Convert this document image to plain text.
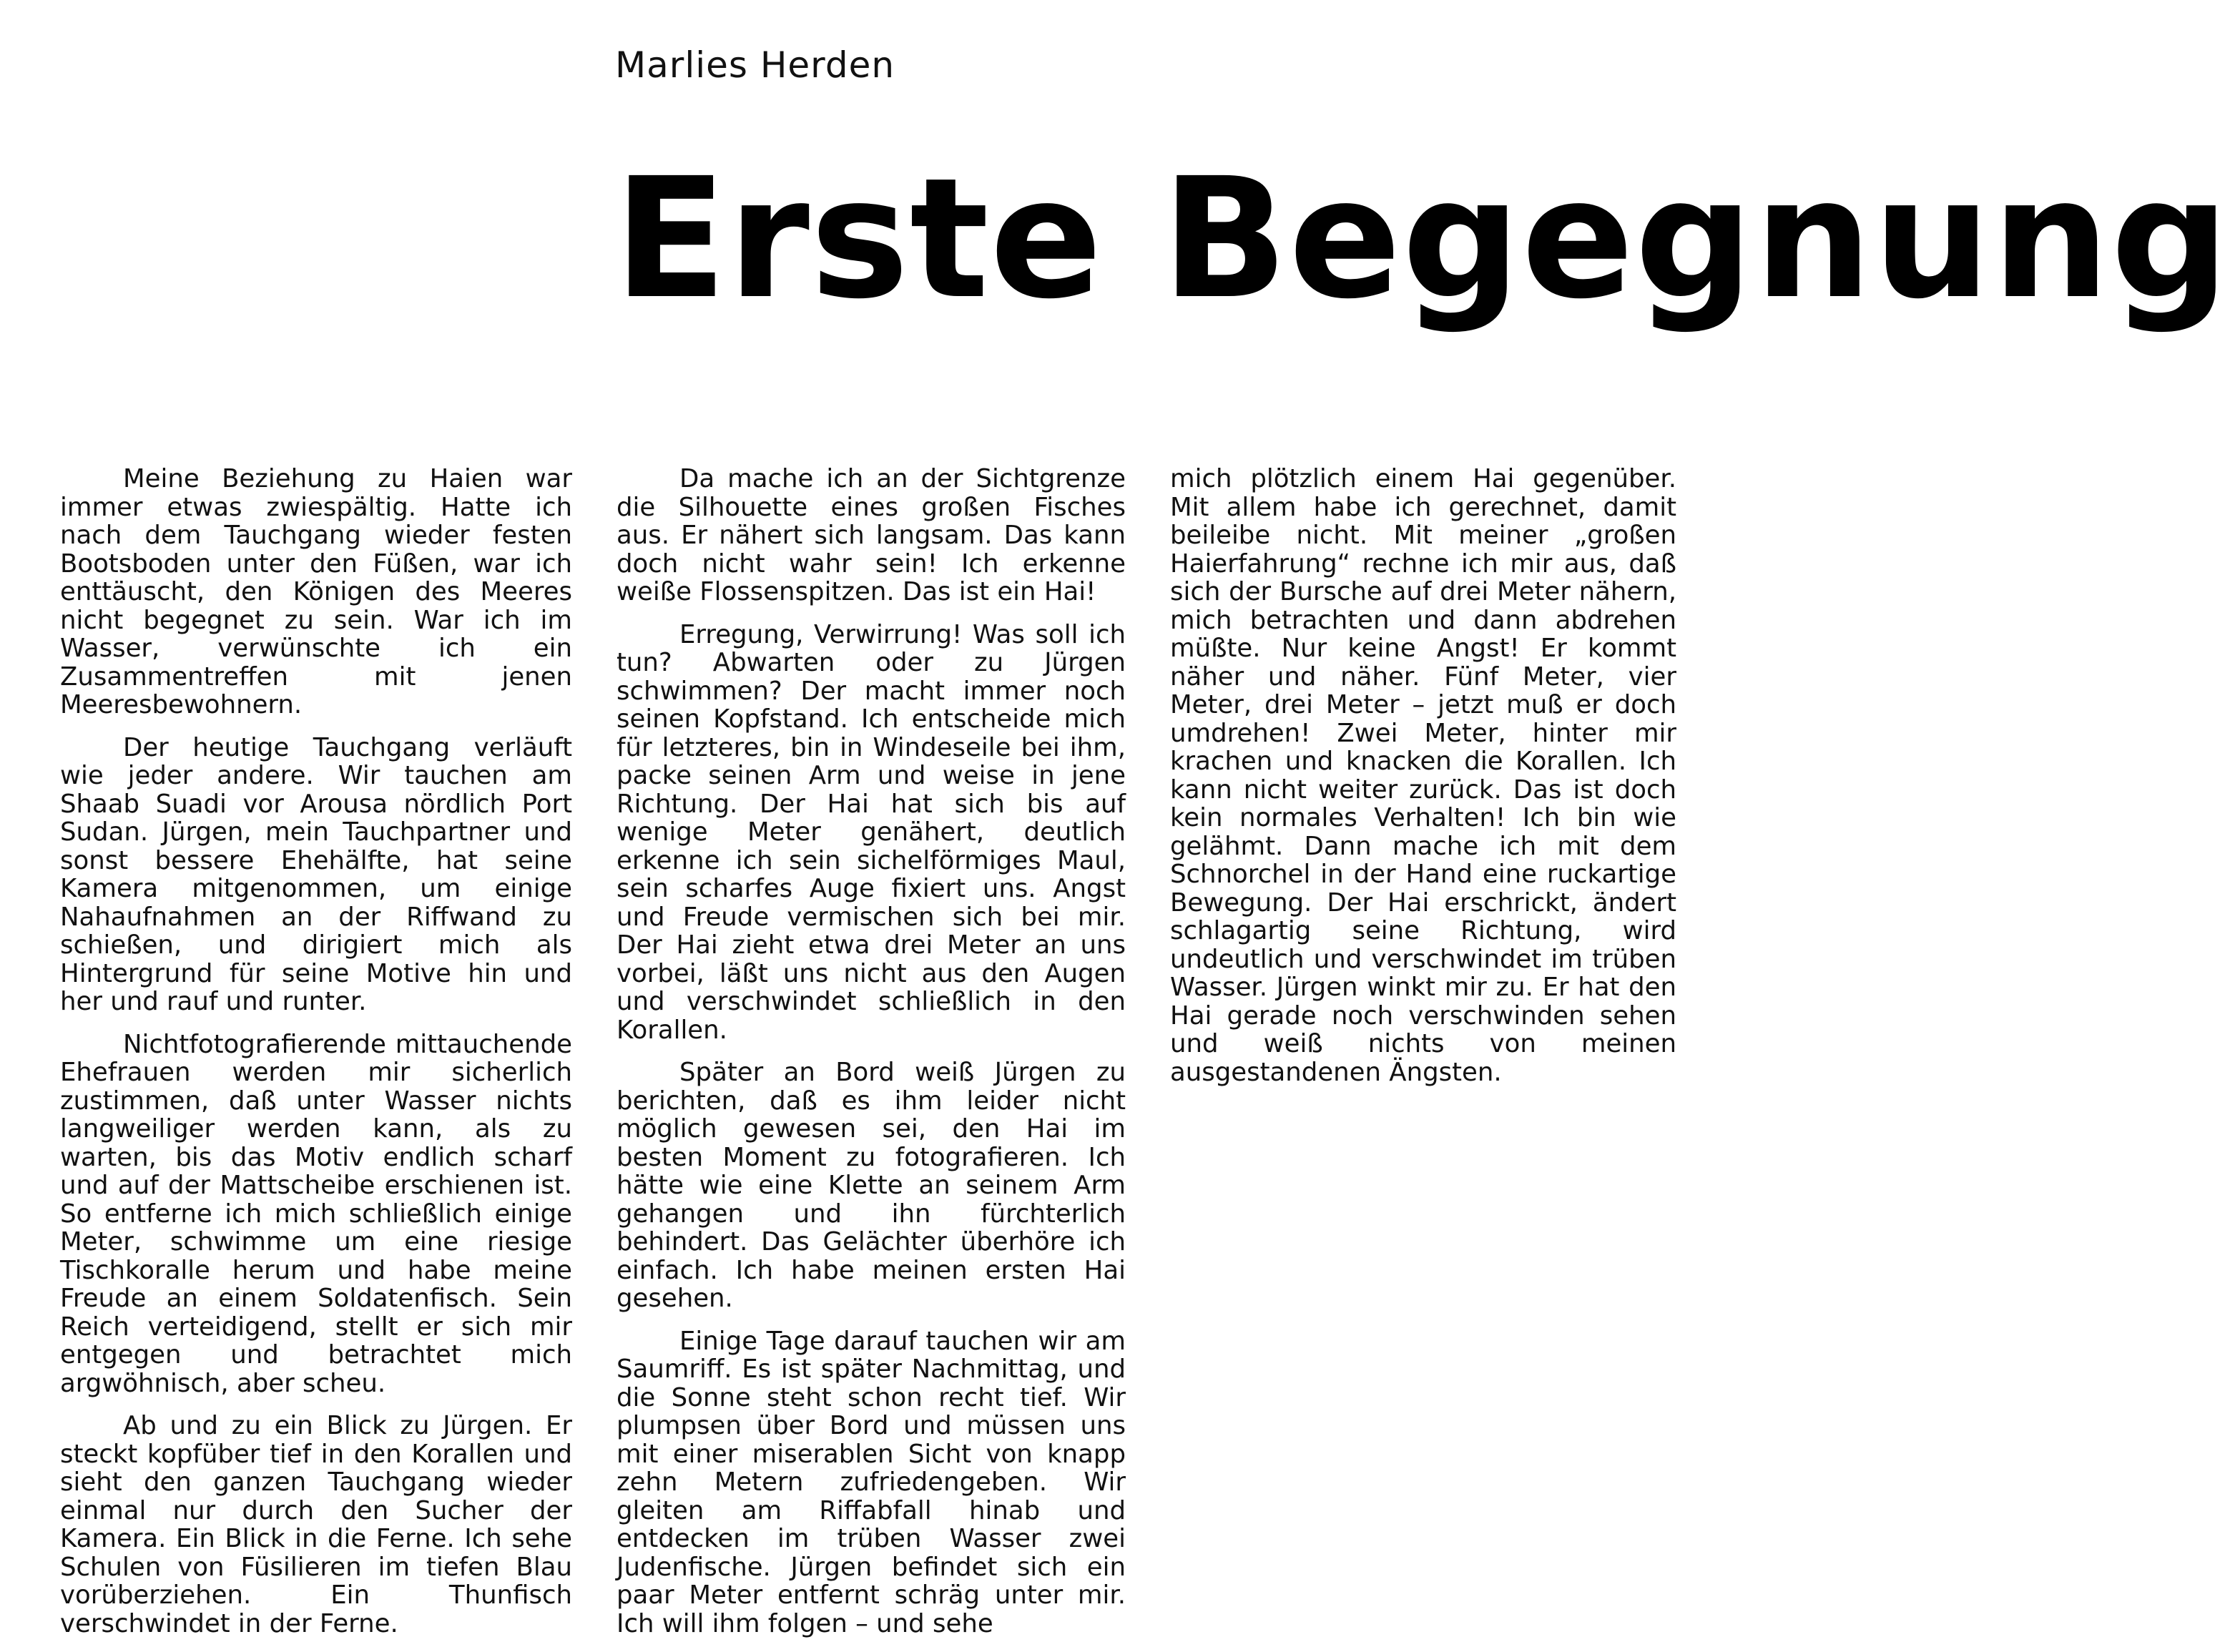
Marlies Herden
Erste Begegnung

Meine Beziehung zu Haien war immer etwas zwiespältig. Hatte ich nach dem Tauchgang wieder festen Bootsboden unter den Füßen, war ich enttäuscht, den Königen des Meeres nicht begegnet zu sein. War ich im Wasser, verwünschte ich ein Zusammentreffen mit jenen Meeresbewohnern.

Der heutige Tauchgang verläuft wie jeder andere. Wir tauchen am Shaab Suadi vor Arousa nördlich Port Sudan. Jürgen, mein Tauchpartner und sonst bessere Ehehälfte, hat seine Kamera mitgenommen, um einige Nahaufnahmen an der Riffwand zu schießen, und dirigiert mich als Hintergrund für seine Motive hin und her und rauf und runter.

Nichtfotografierende mittauchende Ehefrauen werden mir sicherlich zustimmen, daß unter Wasser nichts langweiliger werden kann, als zu warten, bis das Motiv endlich scharf und auf der Mattscheibe erschienen ist. So entferne ich mich schließlich einige Meter, schwimme um eine riesige Tischkoralle herum und habe meine Freude an einem Soldatenfisch. Sein Reich verteidigend, stellt er sich mir entgegen und betrachtet mich argwöhnisch, aber scheu.

Ab und zu ein Blick zu Jürgen. Er steckt kopfüber tief in den Korallen und sieht den ganzen Tauchgang wieder einmal nur durch den Sucher der Kamera. Ein Blick in die Ferne. Ich sehe Schulen von Füsilieren im tiefen Blau vorüberziehen. Ein Thunfisch verschwindet in der Ferne.

Da mache ich an der Sichtgrenze die Silhouette eines großen Fisches aus. Er nähert sich langsam. Das kann doch nicht wahr sein! Ich erkenne weiße Flossenspitzen. Das ist ein Hai!

Erregung, Verwirrung! Was soll ich tun? Abwarten oder zu Jürgen schwimmen? Der macht immer noch seinen Kopfstand. Ich entscheide mich für letzteres, bin in Windeseile bei ihm, packe seinen Arm und weise in jene Richtung. Der Hai hat sich bis auf wenige Meter genähert, deutlich erkenne ich sein sichelförmiges Maul, sein scharfes Auge fixiert uns. Angst und Freude vermischen sich bei mir. Der Hai zieht etwa drei Meter an uns vorbei, läßt uns nicht aus den Augen und verschwindet schließlich in den Korallen.

Später an Bord weiß Jürgen zu berichten, daß es ihm leider nicht möglich gewesen sei, den Hai im besten Moment zu fotografieren. Ich hätte wie eine Klette an seinem Arm gehangen und ihn fürchterlich behindert. Das Gelächter überhöre ich einfach. Ich habe meinen ersten Hai gesehen.

Einige Tage darauf tauchen wir am Saumriff. Es ist später Nachmittag, und die Sonne steht schon recht tief. Wir plumpsen über Bord und müssen uns mit einer miserablen Sicht von knapp zehn Metern zufriedengeben. Wir gleiten am Riffabfall hinab und entdecken im trüben Wasser zwei Judenfische. Jürgen befindet sich ein paar Meter entfernt schräg unter mir. Ich will ihm folgen – und sehe

mich plötzlich einem Hai gegenüber. Mit allem habe ich gerechnet, damit beileibe nicht. Mit meiner „großen Haierfahrung“ rechne ich mir aus, daß sich der Bursche auf drei Meter nähern, mich betrachten und dann abdrehen müßte. Nur keine Angst! Er kommt näher und näher. Fünf Meter, vier Meter, drei Meter – jetzt muß er doch umdrehen! Zwei Meter, hinter mir krachen und knacken die Korallen. Ich kann nicht weiter zurück. Das ist doch kein normales Verhalten! Ich bin wie gelähmt. Dann mache ich mit dem Schnorchel in der Hand eine ruckartige Bewegung. Der Hai erschrickt, ändert schlagartig seine Richtung, wird undeutlich und verschwindet im trüben Wasser. Jürgen winkt mir zu. Er hat den Hai gerade noch verschwinden sehen und weiß nichts von meinen ausgestandenen Ängsten.
